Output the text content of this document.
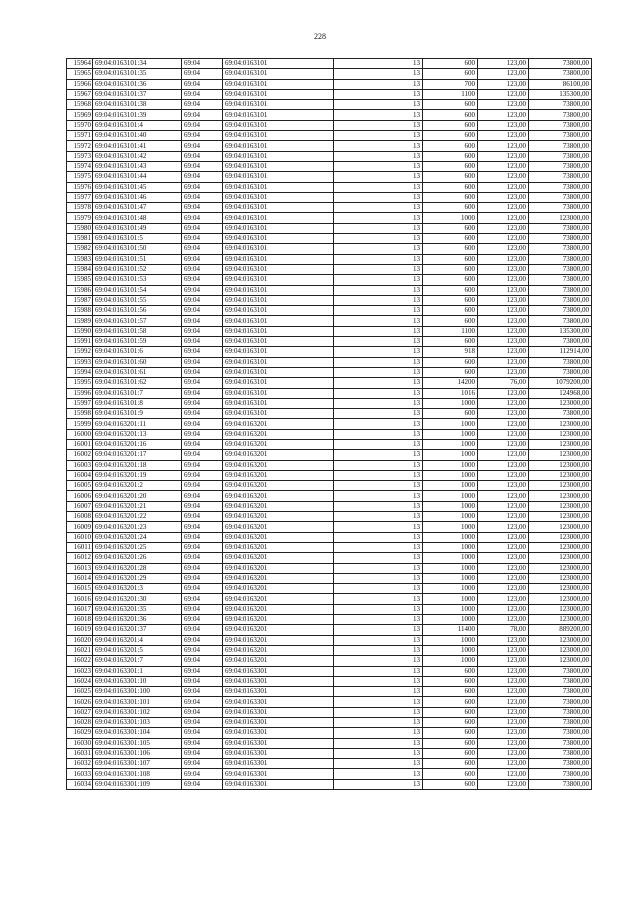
228
15964	69:04:0163101:34	69:04	69:04:0163101	13	600	123,00	73800,00
15965	69:04:0163101:35	69:04	69:04:0163101	13	600	123,00	73800,00
15966	69:04:0163101:36	69:04	69:04:0163101	13	700	123,00	86100,00
15967	69:04:0163101:37	69:04	69:04:0163101	13	1100	123,00	135300,00
15968	69:04:0163101:38	69:04	69:04:0163101	13	600	123,00	73800,00
15969	69:04:0163101:39	69:04	69:04:0163101	13	600	123,00	73800,00
15970	69:04:0163101:4	69:04	69:04:0163101	13	600	123,00	73800,00
15971	69:04:0163101:40	69:04	69:04:0163101	13	600	123,00	73800,00
15972	69:04:0163101:41	69:04	69:04:0163101	13	600	123,00	73800,00
15973	69:04:0163101:42	69:04	69:04:0163101	13	600	123,00	73800,00
15974	69:04:0163101:43	69:04	69:04:0163101	13	600	123,00	73800,00
15975	69:04:0163101:44	69:04	69:04:0163101	13	600	123,00	73800,00
15976	69:04:0163101:45	69:04	69:04:0163101	13	600	123,00	73800,00
15977	69:04:0163101:46	69:04	69:04:0163101	13	600	123,00	73800,00
15978	69:04:0163101:47	69:04	69:04:0163101	13	600	123,00	73800,00
15979	69:04:0163101:48	69:04	69:04:0163101	13	1000	123,00	123000,00
15980	69:04:0163101:49	69:04	69:04:0163101	13	600	123,00	73800,00
15981	69:04:0163101:5	69:04	69:04:0163101	13	600	123,00	73800,00
15982	69:04:0163101:50	69:04	69:04:0163101	13	600	123,00	73800,00
15983	69:04:0163101:51	69:04	69:04:0163101	13	600	123,00	73800,00
15984	69:04:0163101:52	69:04	69:04:0163101	13	600	123,00	73800,00
15985	69:04:0163101:53	69:04	69:04:0163101	13	600	123,00	73800,00
15986	69:04:0163101:54	69:04	69:04:0163101	13	600	123,00	73800,00
15987	69:04:0163101:55	69:04	69:04:0163101	13	600	123,00	73800,00
15988	69:04:0163101:56	69:04	69:04:0163101	13	600	123,00	73800,00
15989	69:04:0163101:57	69:04	69:04:0163101	13	600	123,00	73800,00
15990	69:04:0163101:58	69:04	69:04:0163101	13	1100	123,00	135300,00
15991	69:04:0163101:59	69:04	69:04:0163101	13	600	123,00	73800,00
15992	69:04:0163101:6	69:04	69:04:0163101	13	918	123,00	112914,00
15993	69:04:0163101:60	69:04	69:04:0163101	13	600	123,00	73800,00
15994	69:04:0163101:61	69:04	69:04:0163101	13	600	123,00	73800,00
15995	69:04:0163101:62	69:04	69:04:0163101	13	14200	76,00	1079200,00
15996	69:04:0163101:7	69:04	69:04:0163101	13	1016	123,00	124968,00
15997	69:04:0163101:8	69:04	69:04:0163101	13	1000	123,00	123000,00
15998	69:04:0163101:9	69:04	69:04:0163101	13	600	123,00	73800,00
15999	69:04:0163201:11	69:04	69:04:0163201	13	1000	123,00	123000,00
16000	69:04:0163201:13	69:04	69:04:0163201	13	1000	123,00	123000,00
16001	69:04:0163201:16	69:04	69:04:0163201	13	1000	123,00	123000,00
16002	69:04:0163201:17	69:04	69:04:0163201	13	1000	123,00	123000,00
16003	69:04:0163201:18	69:04	69:04:0163201	13	1000	123,00	123000,00
16004	69:04:0163201:19	69:04	69:04:0163201	13	1000	123,00	123000,00
16005	69:04:0163201:2	69:04	69:04:0163201	13	1000	123,00	123000,00
16006	69:04:0163201:20	69:04	69:04:0163201	13	1000	123,00	123000,00
16007	69:04:0163201:21	69:04	69:04:0163201	13	1000	123,00	123000,00
16008	69:04:0163201:22	69:04	69:04:0163201	13	1000	123,00	123000,00
16009	69:04:0163201:23	69:04	69:04:0163201	13	1000	123,00	123000,00
16010	69:04:0163201:24	69:04	69:04:0163201	13	1000	123,00	123000,00
16011	69:04:0163201:25	69:04	69:04:0163201	13	1000	123,00	123000,00
16012	69:04:0163201:26	69:04	69:04:0163201	13	1000	123,00	123000,00
16013	69:04:0163201:28	69:04	69:04:0163201	13	1000	123,00	123000,00
16014	69:04:0163201:29	69:04	69:04:0163201	13	1000	123,00	123000,00
16015	69:04:0163201:3	69:04	69:04:0163201	13	1000	123,00	123000,00
16016	69:04:0163201:30	69:04	69:04:0163201	13	1000	123,00	123000,00
16017	69:04:0163201:35	69:04	69:04:0163201	13	1000	123,00	123000,00
16018	69:04:0163201:36	69:04	69:04:0163201	13	1000	123,00	123000,00
16019	69:04:0163201:37	69:04	69:04:0163201	13	11400	78,00	889200,00
16020	69:04:0163201:4	69:04	69:04:0163201	13	1000	123,00	123000,00
16021	69:04:0163201:5	69:04	69:04:0163201	13	1000	123,00	123000,00
16022	69:04:0163201:7	69:04	69:04:0163201	13	1000	123,00	123000,00
16023	69:04:0163301:1	69:04	69:04:0163301	13	600	123,00	73800,00
16024	69:04:0163301:10	69:04	69:04:0163301	13	600	123,00	73800,00
16025	69:04:0163301:100	69:04	69:04:0163301	13	600	123,00	73800,00
16026	69:04:0163301:101	69:04	69:04:0163301	13	600	123,00	73800,00
16027	69:04:0163301:102	69:04	69:04:0163301	13	600	123,00	73800,00
16028	69:04:0163301:103	69:04	69:04:0163301	13	600	123,00	73800,00
16029	69:04:0163301:104	69:04	69:04:0163301	13	600	123,00	73800,00
16030	69:04:0163301:105	69:04	69:04:0163301	13	600	123,00	73800,00
16031	69:04:0163301:106	69:04	69:04:0163301	13	600	123,00	73800,00
16032	69:04:0163301:107	69:04	69:04:0163301	13	600	123,00	73800,00
16033	69:04:0163301:108	69:04	69:04:0163301	13	600	123,00	73800,00
16034	69:04:0163301:109	69:04	69:04:0163301	13	600	123,00	73800,00
